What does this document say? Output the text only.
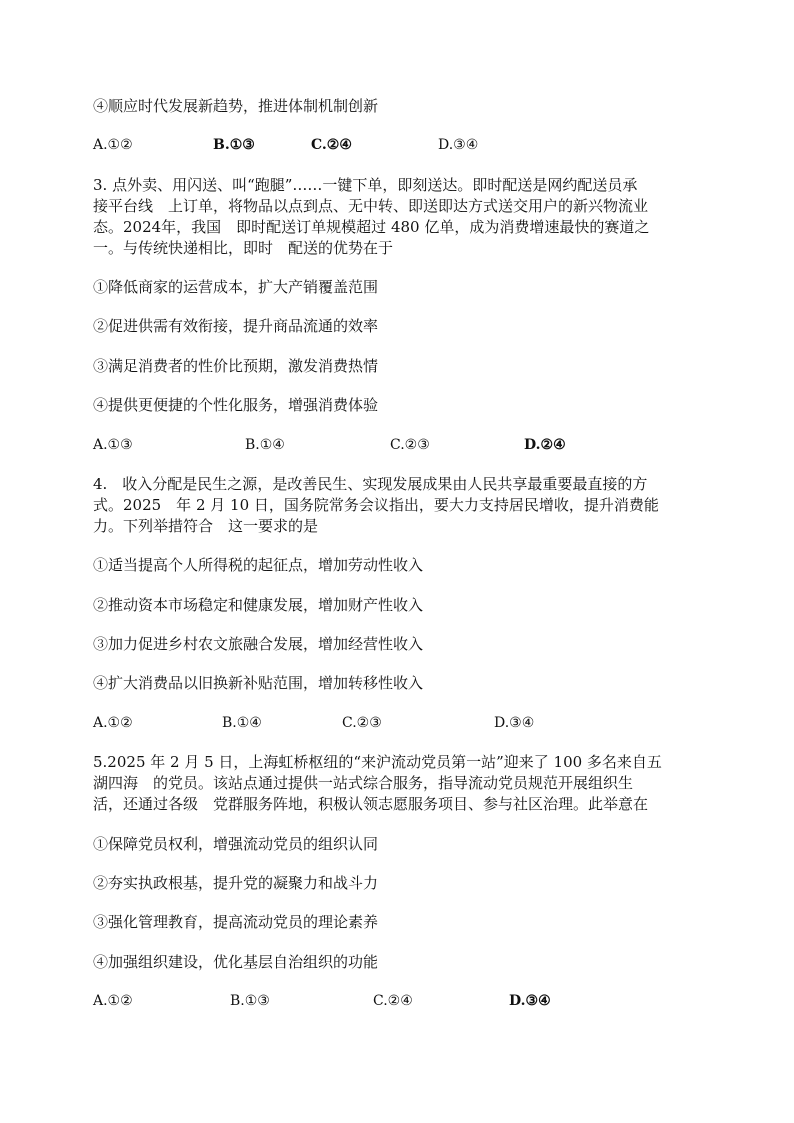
④顺应时代发展新趋势，推进体制机制创新
A.①②	B.①③	C.②④	D.③④
3. 点外卖、用闪送、叫“跑腿”……一键下单，即刻送达。即时配送是网约配送员承
接平台线　上订单，将物品以点到点、无中转、即送即达方式送交用户的新兴物流业
态。2024年，我国　即时配送订单规模超过 480 亿单，成为消费增速最快的赛道之
一。与传统快递相比，即时　配送的优势在于
①降低商家的运营成本，扩大产销覆盖范围
②促进供需有效衔接，提升商品流通的效率
③满足消费者的性价比预期，激发消费热情
④提供更便捷的个性化服务，增强消费体验
A.①③	B.①④	C.②③	D.②④
4.　收入分配是民生之源，是改善民生、实现发展成果由人民共享最重要最直接的方
式。2025　年 2 月 10 日，国务院常务会议指出，要大力支持居民增收，提升消费能
力。下列举措符合　这一要求的是
①适当提高个人所得税的起征点，增加劳动性收入
②推动资本市场稳定和健康发展，增加财产性收入
③加力促进乡村农文旅融合发展，增加经营性收入
④扩大消费品以旧换新补贴范围，增加转移性收入
A.①②	B.①④	C.②③	D.③④
5.2025 年 2 月 5 日，上海虹桥枢纽的“来沪流动党员第一站”迎来了 100 多名来自五
湖四海　的党员。该站点通过提供一站式综合服务，指导流动党员规范开展组织生
活，还通过各级　党群服务阵地，积极认领志愿服务项目、参与社区治理。此举意在
①保障党员权利，增强流动党员的组织认同
②夯实执政根基，提升党的凝聚力和战斗力
③强化管理教育，提高流动党员的理论素养
④加强组织建设，优化基层自治组织的功能
A.①②	B.①③	C.②④	D.③④
